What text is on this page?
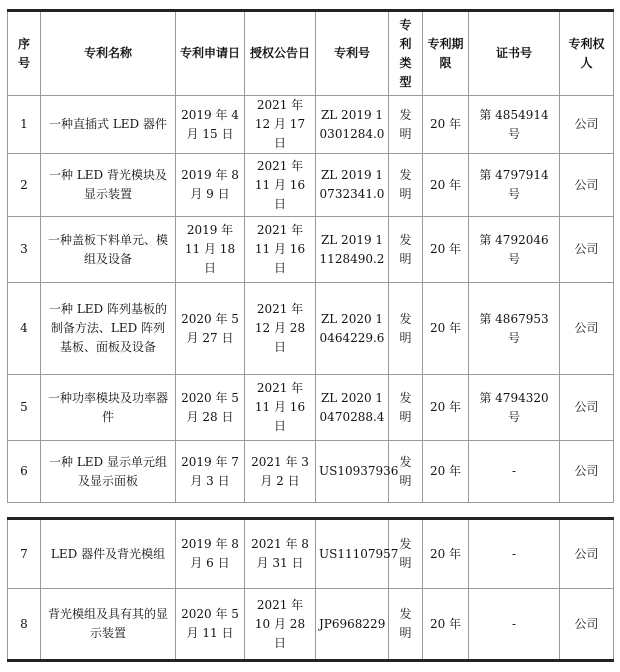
序号	专利名称	专利申请日	授权公告日	专利号	专利类型	专利期限	证书号	专利权人
1	一种直插式 LED 器件	2019 年 4 月 15 日	2021 年 12 月 17 日	ZL 2019 1 0301284.0	发明	20 年	第 4854914 号	公司
2	一种 LED 背光模块及显示装置	2019 年 8 月 9 日	2021 年 11 月 16 日	ZL 2019 1 0732341.0	发明	20 年	第 4797914 号	公司
3	一种盖板下料单元、模组及设备	2019 年 11 月 18 日	2021 年 11 月 16 日	ZL 2019 1 1128490.2	发明	20 年	第 4792046 号	公司
4	一种 LED 阵列基板的制备方法、LED 阵列基板、面板及设备	2020 年 5 月 27 日	2021 年 12 月 28 日	ZL 2020 1 0464229.6	发明	20 年	第 4867953 号	公司
5	一种功率模块及功率器件	2020 年 5 月 28 日	2021 年 11 月 16 日	ZL 2020 1 0470288.4	发明	20 年	第 4794320 号	公司
6	一种 LED 显示单元组及显示面板	2019 年 7 月 3 日	2021 年 3 月 2 日	US10937936	发明	20 年	-	公司
7	LED 器件及背光模组	2019 年 8 月 6 日	2021 年 8 月 31 日	US11107957	发明	20 年	-	公司
8	背光模组及具有其的显示装置	2020 年 5 月 11 日	2021 年 10 月 28 日	JP6968229	发明	20 年	-	公司
